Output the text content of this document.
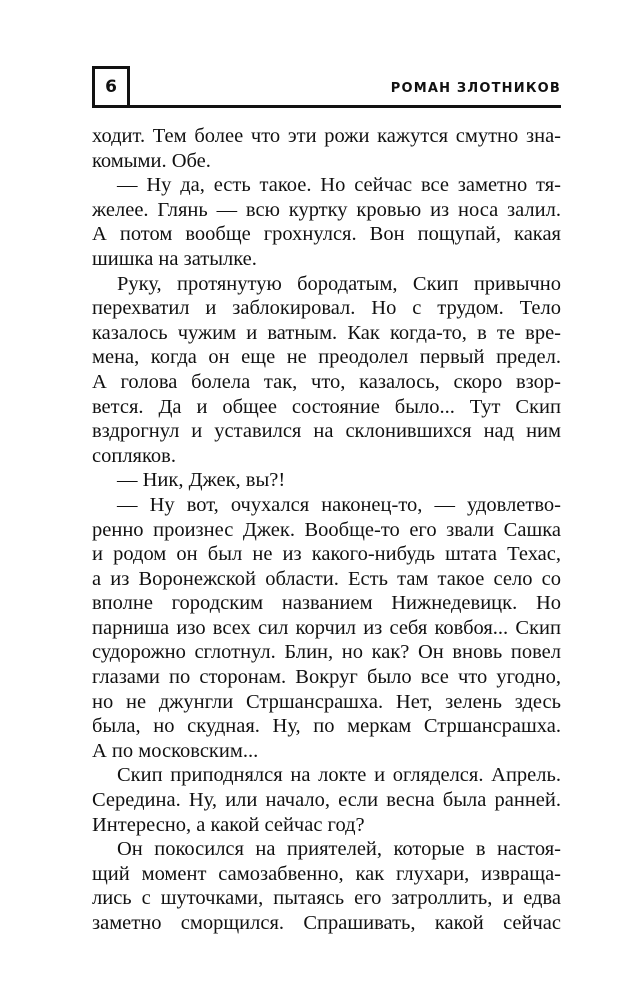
6	РОМАН ЗЛОТНИКОВ
ходит. Тем более что эти рожи кажутся смутно зна-
комыми. Обе.
— Ну да, есть такое. Но сейчас все заметно тя-
желее. Глянь — всю куртку кровью из носа залил.
А потом вообще грохнулся. Вон пощупай, какая
шишка на затылке.
Руку, протянутую бородатым, Скип привычно
перехватил и заблокировал. Но с трудом. Тело
казалось чужим и ватным. Как когда-то, в те вре-
мена, когда он еще не преодолел первый предел.
А голова болела так, что, казалось, скоро взор-
вется. Да и общее состояние было... Тут Скип
вздрогнул и уставился на склонившихся над ним
сопляков.
— Ник, Джек, вы?!
— Ну вот, очухался наконец-то, — удовлетво-
ренно произнес Джек. Вообще-то его звали Сашка
и родом он был не из какого-нибудь штата Техас,
а из Воронежской области. Есть там такое село со
вполне городским названием Нижнедевицк. Но
парниша изо всех сил корчил из себя ковбоя... Скип
судорожно сглотнул. Блин, но как? Он вновь повел
глазами по сторонам. Вокруг было все что угодно,
но не джунгли Стршансрашха. Нет, зелень здесь
была, но скудная. Ну, по меркам Стршансрашха.
А по московским...
Скип приподнялся на локте и огляделся. Апрель.
Середина. Ну, или начало, если весна была ранней.
Интересно, а какой сейчас год?
Он покосился на приятелей, которые в настоя-
щий момент самозабвенно, как глухари, извраща-
лись с шуточками, пытаясь его затроллить, и едва
заметно сморщился. Спрашивать, какой сейчас
